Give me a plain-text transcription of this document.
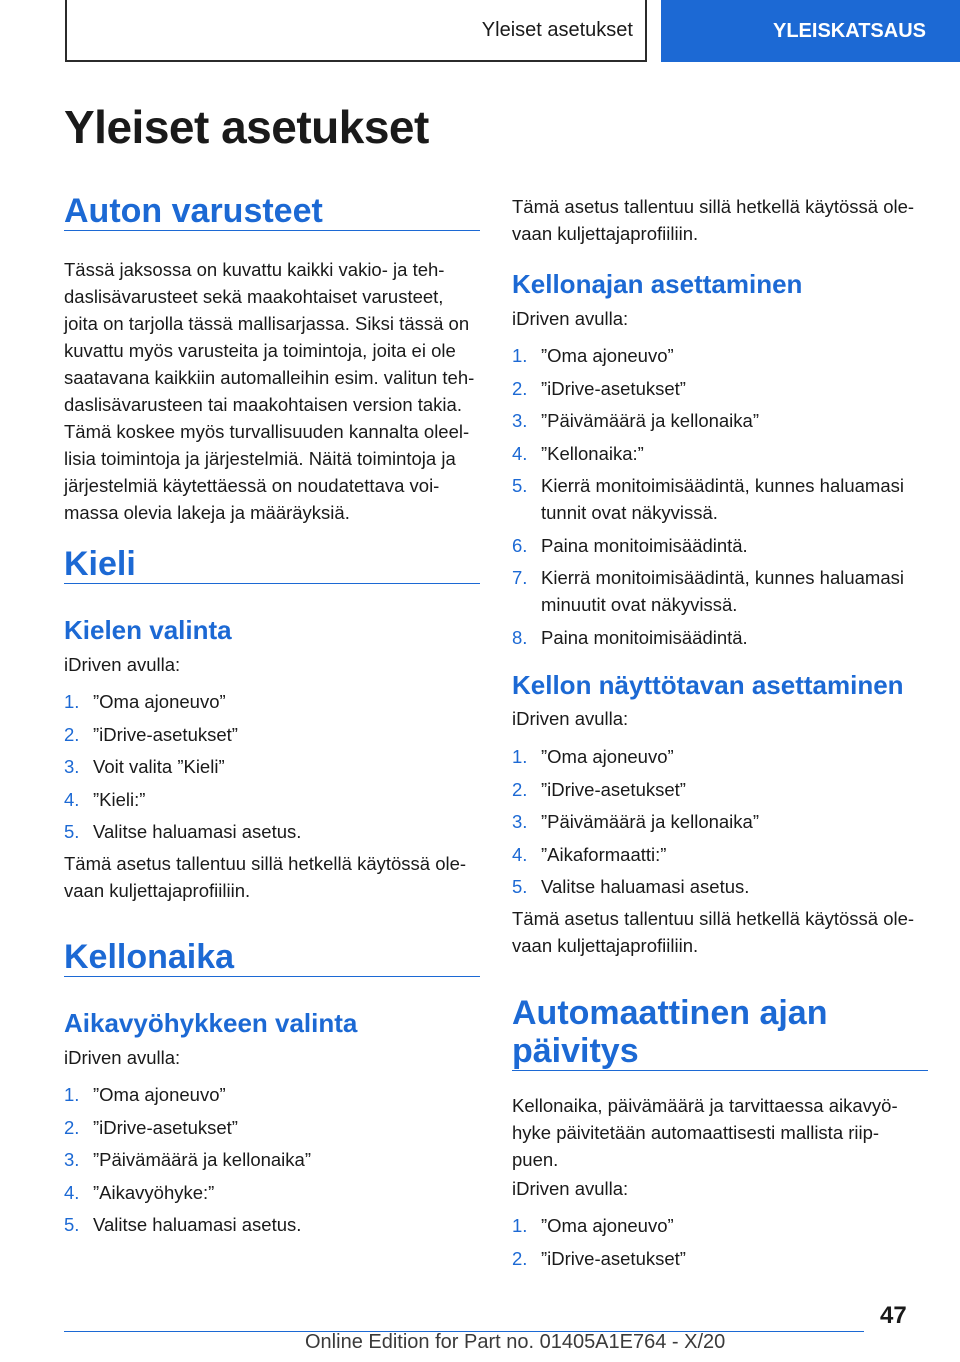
Yleiset asetukset	YLEISKATSAUS
Yleiset asetukset
Auton varusteet
Tässä jaksossa on kuvattu kaikki vakio- ja teh-
daslisävarusteet sekä maakohtaiset varusteet,
joita on tarjolla tässä mallisarjassa. Siksi tässä on
kuvattu myös varusteita ja toimintoja, joita ei ole
saatavana kaikkiin automalleihin esim. valitun teh-
daslisävarusteen tai maakohtaisen version takia.
Tämä koskee myös turvallisuuden kannalta oleel-
lisia toimintoja ja järjestelmiä. Näitä toimintoja ja
järjestelmiä käytettäessä on noudatettava voi-
massa olevia lakeja ja määräyksiä.
Kieli
Kielen valinta

iDriven avulla:

1. ”Oma ajoneuvo”
2. ”iDrive-asetukset”
3. Voit valita ”Kieli”
4. ”Kieli:”
5. Valitse haluamasi asetus.
Tämä asetus tallentuu sillä hetkellä käytössä ole-
vaan kuljettajaprofiiliin.
Kellonaika
Aikavyöhykkeen valinta

iDriven avulla:

1. ”Oma ajoneuvo”
2. ”iDrive-asetukset”
3. ”Päivämäärä ja kellonaika”
4. ”Aikavyöhyke:”
5. Valitse haluamasi asetus.
Tämä asetus tallentuu sillä hetkellä käytössä ole-
vaan kuljettajaprofiiliin.
Kellonajan asettaminen

iDriven avulla:

1. ”Oma ajoneuvo”
2. ”iDrive-asetukset”
3. ”Päivämäärä ja kellonaika”
4. ”Kellonaika:”
5. Kierrä monitoimisäädintä, kunnes haluamasi tunnit ovat näkyvissä.
6. Paina monitoimisäädintä.
7. Kierrä monitoimisäädintä, kunnes haluamasi minuutit ovat näkyvissä.
8. Paina monitoimisäädintä.
Kellon näyttötavan asettaminen

iDriven avulla:

1. ”Oma ajoneuvo”
2. ”iDrive-asetukset”
3. ”Päivämäärä ja kellonaika”
4. ”Aikaformaatti:”
5. Valitse haluamasi asetus.
Tämä asetus tallentuu sillä hetkellä käytössä ole-
vaan kuljettajaprofiiliin.
Automaattinen ajan
päivitys
Kellonaika, päivämäärä ja tarvittaessa aikavyö-
hyke päivitetään automaattisesti mallista riip-
puen.

iDriven avulla:

1. ”Oma ajoneuvo”
2. ”iDrive-asetukset”
47
Online Edition for Part no. 01405A1E764 - X/20
